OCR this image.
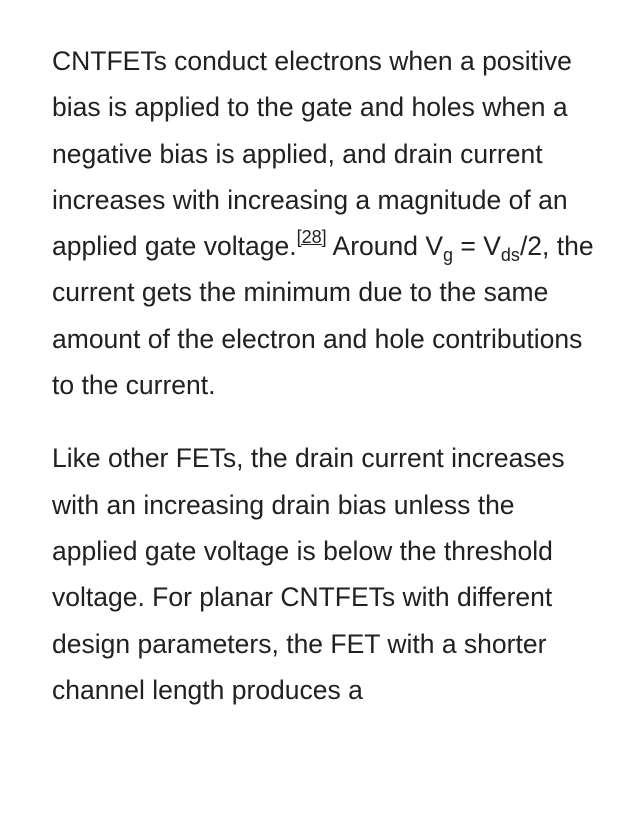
CNTFETs conduct electrons when a positive bias is applied to the gate and holes when a negative bias is applied, and drain current increases with increasing a magnitude of an applied gate voltage.[28] Around $V_g = V_{ds}/2$, the current gets the minimum due to the same amount of the electron and hole contributions to the current.

Like other FETs, the drain current increases with an increasing drain bias unless the applied gate voltage is below the threshold voltage. For planar CNTFETs with different design parameters, the FET with a shorter channel length produces a
